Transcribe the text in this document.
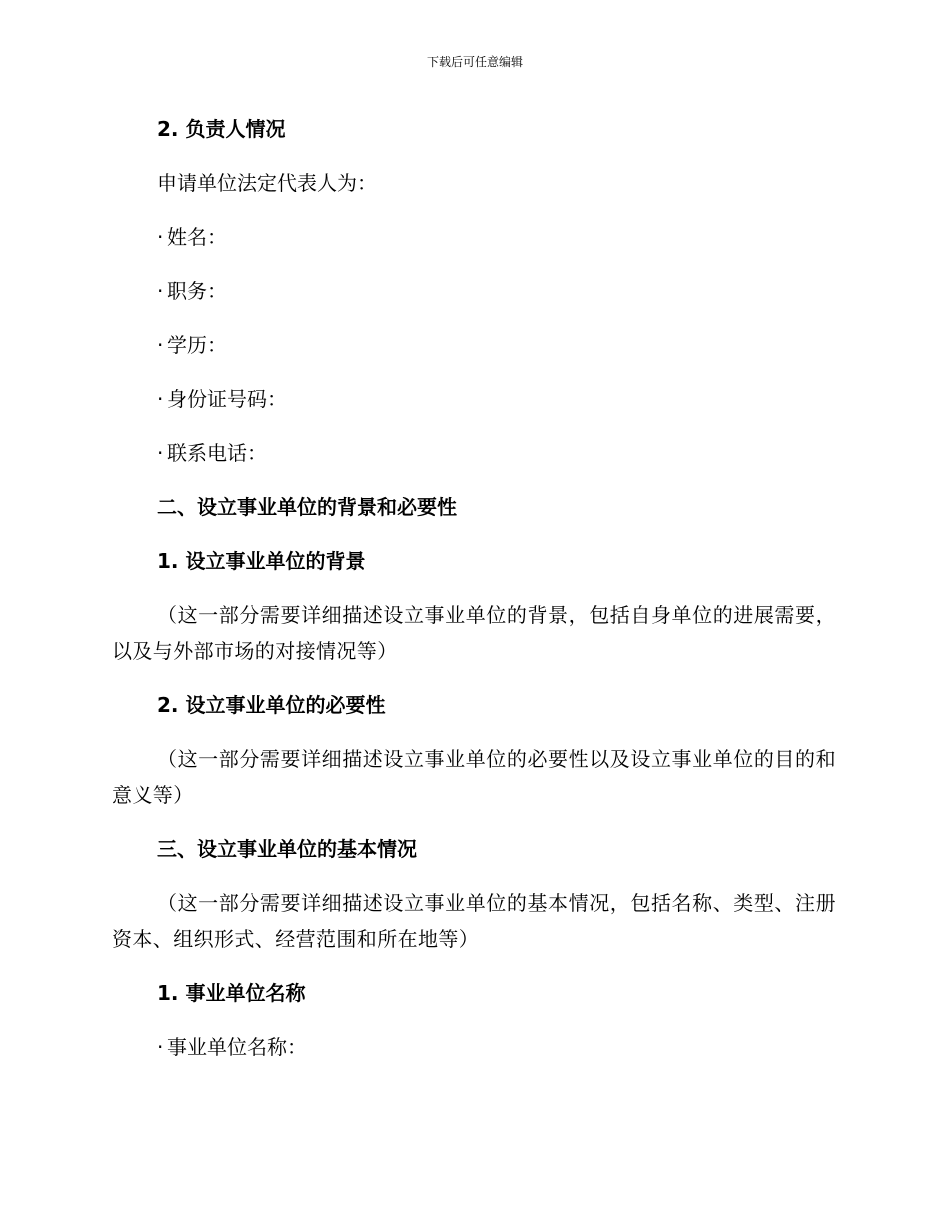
下载后可任意编辑
2. 负责人情况
申请单位法定代表人为：
· 姓名：
· 职务：
· 学历：
· 身份证号码：
· 联系电话：
二、设立事业单位的背景和必要性
1. 设立事业单位的背景
（这一部分需要详细描述设立事业单位的背景，包括自身单位的进展需要，以及与外部市场的对接情况等）
2. 设立事业单位的必要性
（这一部分需要详细描述设立事业单位的必要性以及设立事业单位的目的和意义等）
三、设立事业单位的基本情况
（这一部分需要详细描述设立事业单位的基本情况，包括名称、类型、注册资本、组织形式、经营范围和所在地等）
1. 事业单位名称
· 事业单位名称：
